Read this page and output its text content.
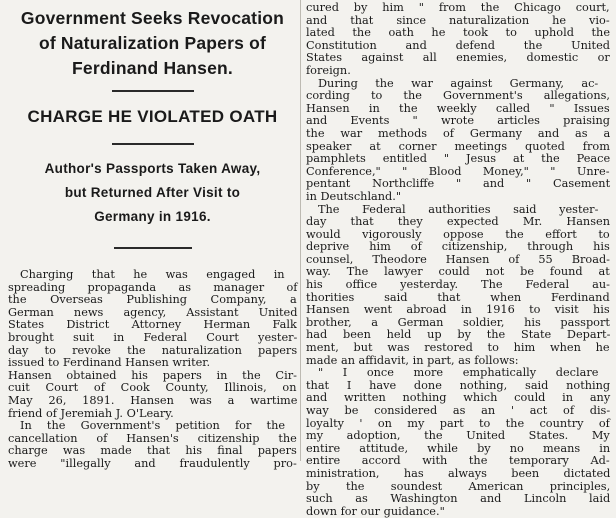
Government Seeks Revocation
of Naturalization Papers of
Ferdinand Hansen.
CHARGE HE VIOLATED OATH
Author's Passports Taken Away,
but Returned After Visit to
Germany in 1916.

Charging that he was engaged in
spreading propaganda as manager of
the Overseas Publishing Company, a
German news agency, Assistant United
States District Attorney Herman Falk
brought suit in Federal Court yester-
day to revoke the naturalization papers
issued to Ferdinand Hansen writer.
Hansen obtained his papers in the Cir-
cuit Court of Cook County, Illinois, on
May 26, 1891. Hansen was a wartime
friend of Jeremiah J. O'Leary.
In the Government's petition for the
cancellation of Hansen's citizenship the
charge was made that his final papers
were "illegally and fraudulently pro-

cured by him " from the Chicago court,
and that since naturalization he vio-
lated the oath he took to uphold the
Constitution and defend the United
States against all enemies, domestic or
foreign.
During the war against Germany, ac-
cording to the Government's allegations,
Hansen in the weekly called " Issues
and Events " wrote articles praising
the war methods of Germany and as a
speaker at corner meetings quoted from
pamphlets entitled " Jesus at the Peace
Conference," " Blood Money," " Unre-
pentant Northcliffe " and " Casement
in Deutschland."
The Federal authorities said yester-
day that they expected Mr. Hansen
would vigorously oppose the effort to
deprive him of citizenship, through his
counsel, Theodore Hansen of 55 Broad-
way. The lawyer could not be found at
his office yesterday. The Federal au-
thorities said that when Ferdinand
Hansen went abroad in 1916 to visit his
brother, a German soldier, his passport
had been held up by the State Depart-
ment, but was restored to him when he
made an affidavit, in part, as follows:
" I once more emphatically declare
that I have done nothing, said nothing
and written nothing which could in any
way be considered as an ' act of dis-
loyalty ' on my part to the country of
my adoption, the United States. My
entire attitude, while by no means in
entire accord with the temporary Ad-
ministration, has always been dictated
by the soundest American principles,
such as Washington and Lincoln laid
down for our guidance."
